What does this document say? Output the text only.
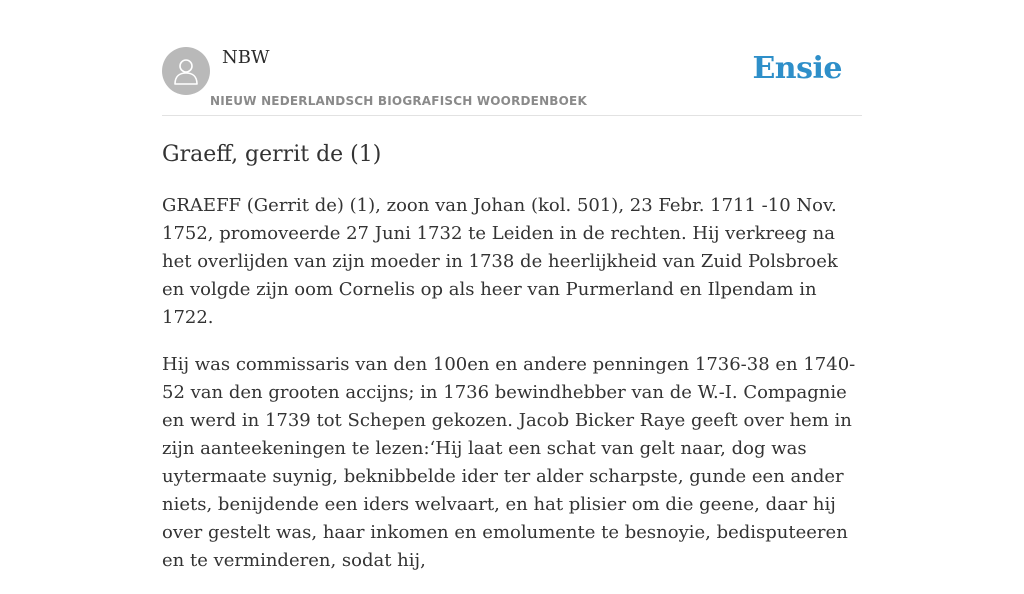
NBW
NIEUW NEDERLANDSCH BIOGRAFISCH WOORDENBOEK
Ensie
Graeff, gerrit de (1)

GRAEFF (Gerrit de) (1), zoon van Johan (kol. 501), 23 Febr. 1711 -10 Nov. 1752, promoveerde 27 Juni 1732 te Leiden in de rechten. Hij verkreeg na het overlijden van zijn moeder in 1738 de heerlijkheid van Zuid Polsbroek en volgde zijn oom Cornelis op als heer van Purmerland en Ilpendam in 1722.

Hij was commissaris van den 100en en andere penningen 1736-38 en 1740-52 van den grooten accijns; in 1736 bewindhebber van de W.-I. Compagnie en werd in 1739 tot Schepen gekozen. Jacob Bicker Raye geeft over hem in zijn aanteekeningen te lezen:‘Hij laat een schat van gelt naar, dog was uytermaate suynig, beknibbelde ider ter alder scharpste, gunde een ander niets, benijdende een iders welvaart, en hat plisier om die geene, daar hij over gestelt was, haar inkomen en emolumente te besnoyie, bedisputeeren en te verminderen, sodat hij,
